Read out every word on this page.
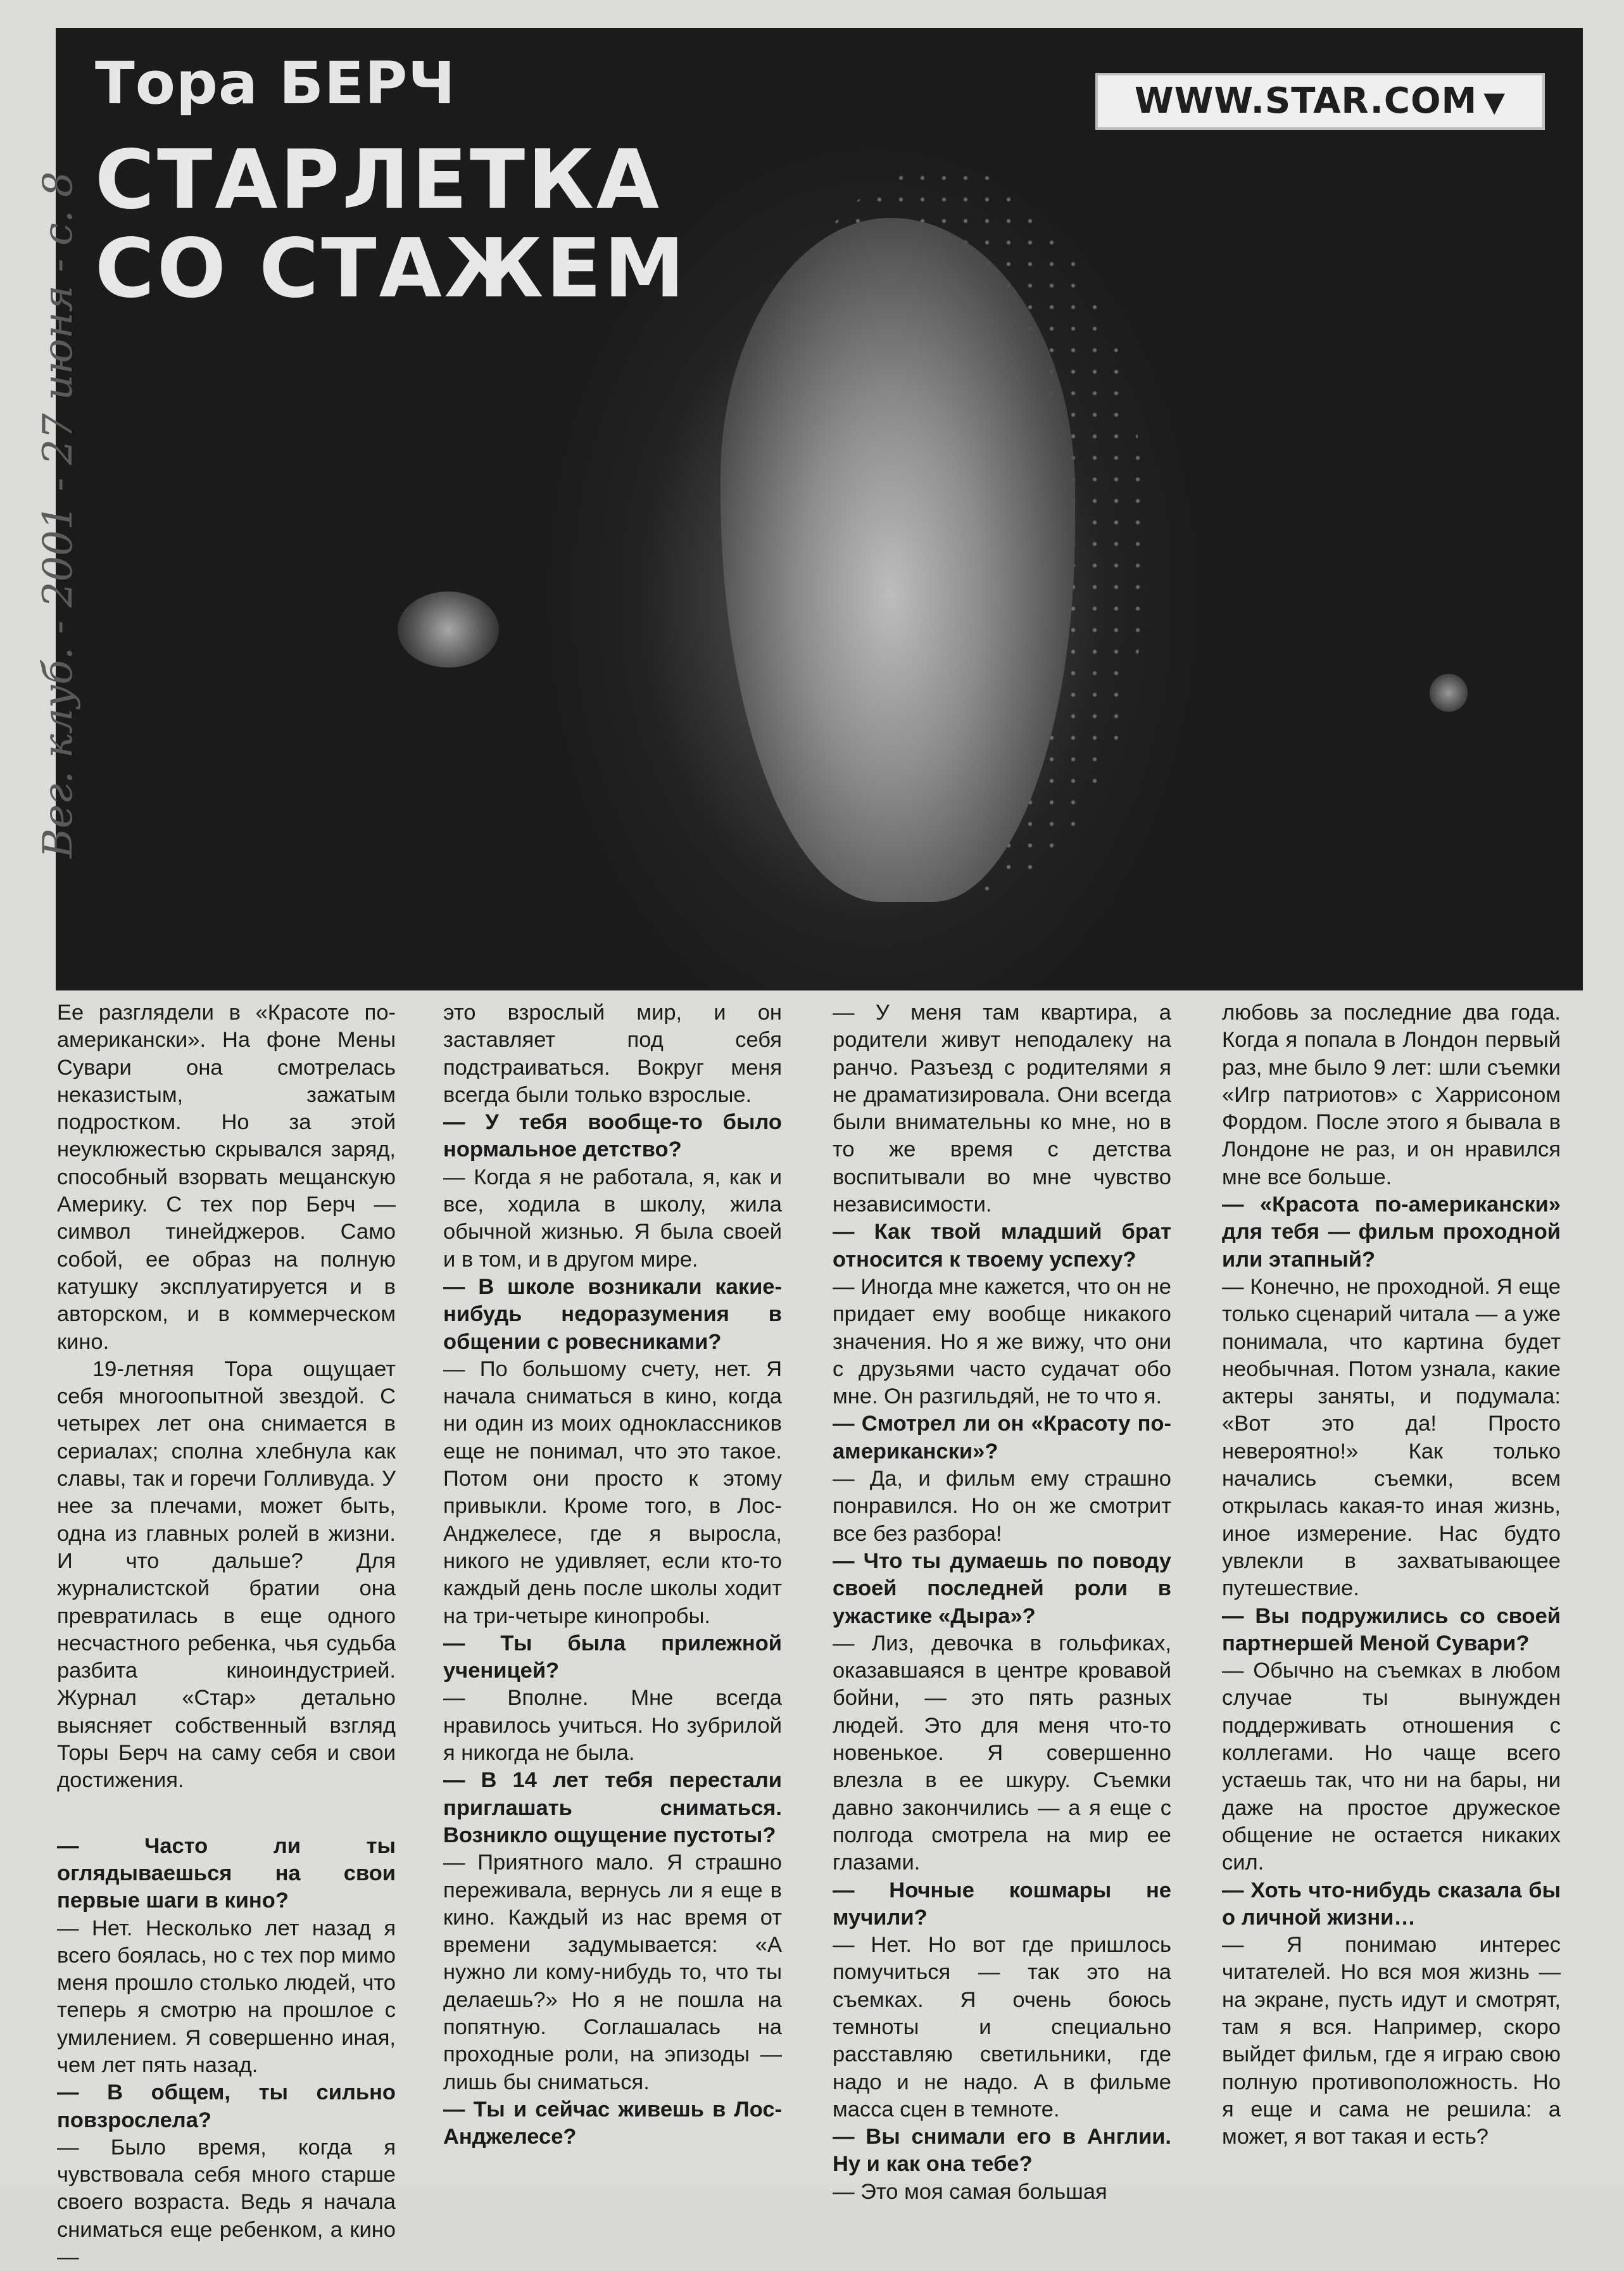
Тора БЕРЧ
СТАРЛЕТКА
СО СТАЖЕМ
WWW.STAR.COM ▼
Вег. клуб. - 2001 - 27 июня - с. 8

Ее разглядели в «Красоте по-американски». На фоне Мены Сувари она смотрелась неказистым, зажатым подростком. Но за этой неуклюжестью скрывался заряд, способный взорвать мещанскую Америку. С тех пор Берч — символ тинейджеров. Само собой, ее образ на полную катушку эксплуатируется и в авторском, и в коммерческом кино.

19-летняя Тора ощущает себя многоопытной звездой. С четырех лет она снимается в сериалах; сполна хлебнула как славы, так и горечи Голливуда. У нее за плечами, может быть, одна из главных ролей в жизни. И что дальше? Для журналистской братии она превратилась в еще одного несчастного ребенка, чья судьба разбита киноиндустрией. Журнал «Стар» детально выясняет собственный взгляд Торы Берч на саму себя и свои достижения.

— Часто ли ты оглядываешься на свои первые шаги в кино?

— Нет. Несколько лет назад я всего боялась, но с тех пор мимо меня прошло столько людей, что теперь я смотрю на прошлое с умилением. Я совершенно иная, чем лет пять назад.

— В общем, ты сильно повзрослела?

— Было время, когда я чувствовала себя много старше своего возраста. Ведь я начала сниматься еще ребенком, а кино —

это взрослый мир, и он заставляет под себя подстраиваться. Вокруг меня всегда были только взрослые.

— У тебя вообще-то было нормальное детство?

— Когда я не работала, я, как и все, ходила в школу, жила обычной жизнью. Я была своей и в том, и в другом мире.

— В школе возникали какие-нибудь недоразумения в общении с ровесниками?

— По большому счету, нет. Я начала сниматься в кино, когда ни один из моих одноклассников еще не понимал, что это такое. Потом они просто к этому привыкли. Кроме того, в Лос-Анджелесе, где я выросла, никого не удивляет, если кто-то каждый день после школы ходит на три-четыре кинопробы.

— Ты была прилежной ученицей?

— Вполне. Мне всегда нравилось учиться. Но зубрилой я никогда не была.

— В 14 лет тебя перестали приглашать сниматься. Возникло ощущение пустоты?

— Приятного мало. Я страшно переживала, вернусь ли я еще в кино. Каждый из нас время от времени задумывается: «А нужно ли кому-нибудь то, что ты делаешь?» Но я не пошла на попятную. Соглашалась на проходные роли, на эпизоды — лишь бы сниматься.

— Ты и сейчас живешь в Лос-Анджелесе?

— У меня там квартира, а родители живут неподалеку на ранчо. Разъезд с родителями я не драматизировала. Они всегда были внимательны ко мне, но в то же время с детства воспитывали во мне чувство независимости.

— Как твой младший брат относится к твоему успеху?

— Иногда мне кажется, что он не придает ему вообще никакого значения. Но я же вижу, что они с друзьями часто судачат обо мне. Он разгильдяй, не то что я.

— Смотрел ли он «Красоту по-американски»?

— Да, и фильм ему страшно понравился. Но он же смотрит все без разбора!

— Что ты думаешь по поводу своей последней роли в ужастике «Дыра»?

— Лиз, девочка в гольфиках, оказавшаяся в центре кровавой бойни, — это пять разных людей. Это для меня что-то новенькое. Я совершенно влезла в ее шкуру. Съемки давно закончились — а я еще с полгода смотрела на мир ее глазами.

— Ночные кошмары не мучили?

— Нет. Но вот где пришлось помучиться — так это на съемках. Я очень боюсь темноты и специально расставляю светильники, где надо и не надо. А в фильме масса сцен в темноте.

— Вы снимали его в Англии. Ну и как она тебе?

— Это моя самая большая

любовь за последние два года. Когда я попала в Лондон первый раз, мне было 9 лет: шли съемки «Игр патриотов» с Харрисоном Фордом. После этого я бывала в Лондоне не раз, и он нравился мне все больше.

— «Красота по-американски» для тебя — фильм проходной или этапный?

— Конечно, не проходной. Я еще только сценарий читала — а уже понимала, что картина будет необычная. Потом узнала, какие актеры заняты, и подумала: «Вот это да! Просто невероятно!» Как только начались съемки, всем открылась какая-то иная жизнь, иное измерение. Нас будто увлекли в захватывающее путешествие.

— Вы подружились со своей партнершей Меной Сувари?

— Обычно на съемках в любом случае ты вынужден поддерживать отношения с коллегами. Но чаще всего устаешь так, что ни на бары, ни даже на простое дружеское общение не остается никаких сил.

— Хоть что-нибудь сказала бы о личной жизни…

— Я понимаю интерес читателей. Но вся моя жизнь — на экране, пусть идут и смотрят, там я вся. Например, скоро выйдет фильм, где я играю свою полную противоположность. Но я еще и сама не решила: а может, я вот такая и есть?
